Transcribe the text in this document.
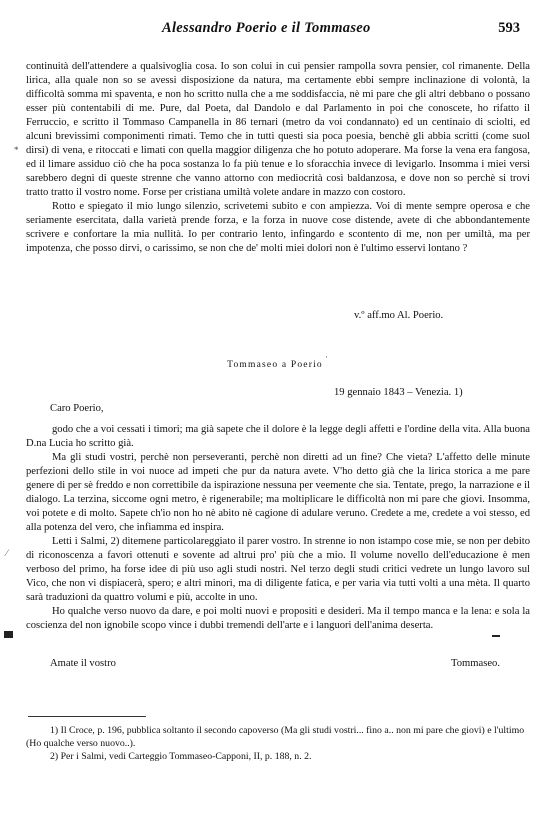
Alessandro Poerio e il Tommaseo	593

continuità dell'attendere a qualsivoglia cosa. Io son colui in cui pensier rampolla sovra pensier, col rimanente. Della lirica, alla quale non so se avessi disposizione da natura, ma certamente ebbi sempre inclinazione di volontà, la difficoltà somma mi spaventa, e non ho scritto nulla che a me soddisfaccia, nè mi pare che gli altri debbano o possano esser più contentabili di me. Pure, dal Poeta, dal Dandolo e dal Parlamento in poi che conoscete, ho rifatto il Ferruccio, e scritto il Tommaso Campanella in 86 ternari (metro da voi condannato) ed un centinaio di sciolti, ed alcuni brevissimi componimenti rimati. Temo che in tutti questi sia poca poesia, benchè gli abbia scritti (come suol dirsi) di vena, e ritoccati e limati con quella maggior diligenza che ho potuto adoperare. Ma forse la vena era fangosa, ed il limare assiduo ciò che ha poca sostanza lo fa più tenue e lo sforacchia invece di levigarlo. Insomma i miei versi sarebbero degni di queste strenne che vanno attorno con mediocrità così baldanzosa, e dove non so perchè si trovi tratto tratto il vostro nome. Forse per cristiana umiltà volete andare in mazzo con costoro.

Rotto e spiegato il mio lungo silenzio, scrivetemi subito e con ampiezza. Voi di mente sempre operosa e che seriamente esercitata, dalla varietà prende forza, e la forza in nuove cose distende, avete di che abbondantemente scrivere e confortare la mia nullità. Io per contrario lento, infingardo e scontento di me, non per umiltà, ma per impotenza, che posso dirvi, o carissimo, se non che de' molti miei dolori non è l'ultimo esservi lontano ?

v.º aff.mo Al. Poerio.
Tommaseo a Poerio
19 gennaio 1843 – Venezia. 1)
Caro Poerio,

godo che a voi cessati i timori; ma già sapete che il dolore è la legge degli affetti e l'ordine della vita. Alla buona D.na Lucia ho scritto già.

Ma gli studi vostri, perchè non perseveranti, perchè non diretti ad un fine? Che vieta? L'affetto delle minute perfezioni dello stile in voi nuoce ad impeti che pur da natura avete. V'ho detto già che la lirica storica a me pare genere di per sè freddo e non correttibile da ispirazione nessuna per veemente che sia. Tentate, prego, la narrazione e il dialogo. La terzina, siccome ogni metro, è rigenerabile; ma moltiplicare le difficoltà non mi pare che giovi. Insomma, voi potete e di molto. Sapete ch'io non ho nè abito nè cagione di adulare veruno. Credete a me, credete a voi stesso, ed alla potenza del vero, che infiamma ed inspira.

Letti i Salmi, 2) ditemene particolareggiato il parer vostro. In strenne io non istampo cose mie, se non per debito di riconoscenza a favori ottenuti e sovente ad altrui pro' più che a mio. Il volume novello dell'educazione è men verboso del primo, ha forse idee di più uso agli studi nostri. Nel terzo degli studi critici vedrete un lungo lavoro sul Vico, che non vi dispiacerà, spero; e altri minori, ma di diligente fatica, e per varia via tutti volti a una mèta. Il quarto sarà traduzioni da quattro volumi e più, accolte in uno.

Ho qualche verso nuovo da dare, e poi molti nuovi e propositi e desideri. Ma il tempo manca e la lena: e sola la coscienza del non ignobile scopo vince i dubbi tremendi dell'arte e i languori dell'anima deserta.

Amate il vostro	Tommaseo.

1) Il Croce, p. 196, pubblica soltanto il secondo capoverso (Ma gli studi vostri... fino a.. non mi pare che giovi) e l'ultimo (Ho qualche verso nuovo..).

2) Per i Salmi, vedi Carteggio Tommaseo-Capponi, II, p. 188, n. 2.

*
·
⁄
